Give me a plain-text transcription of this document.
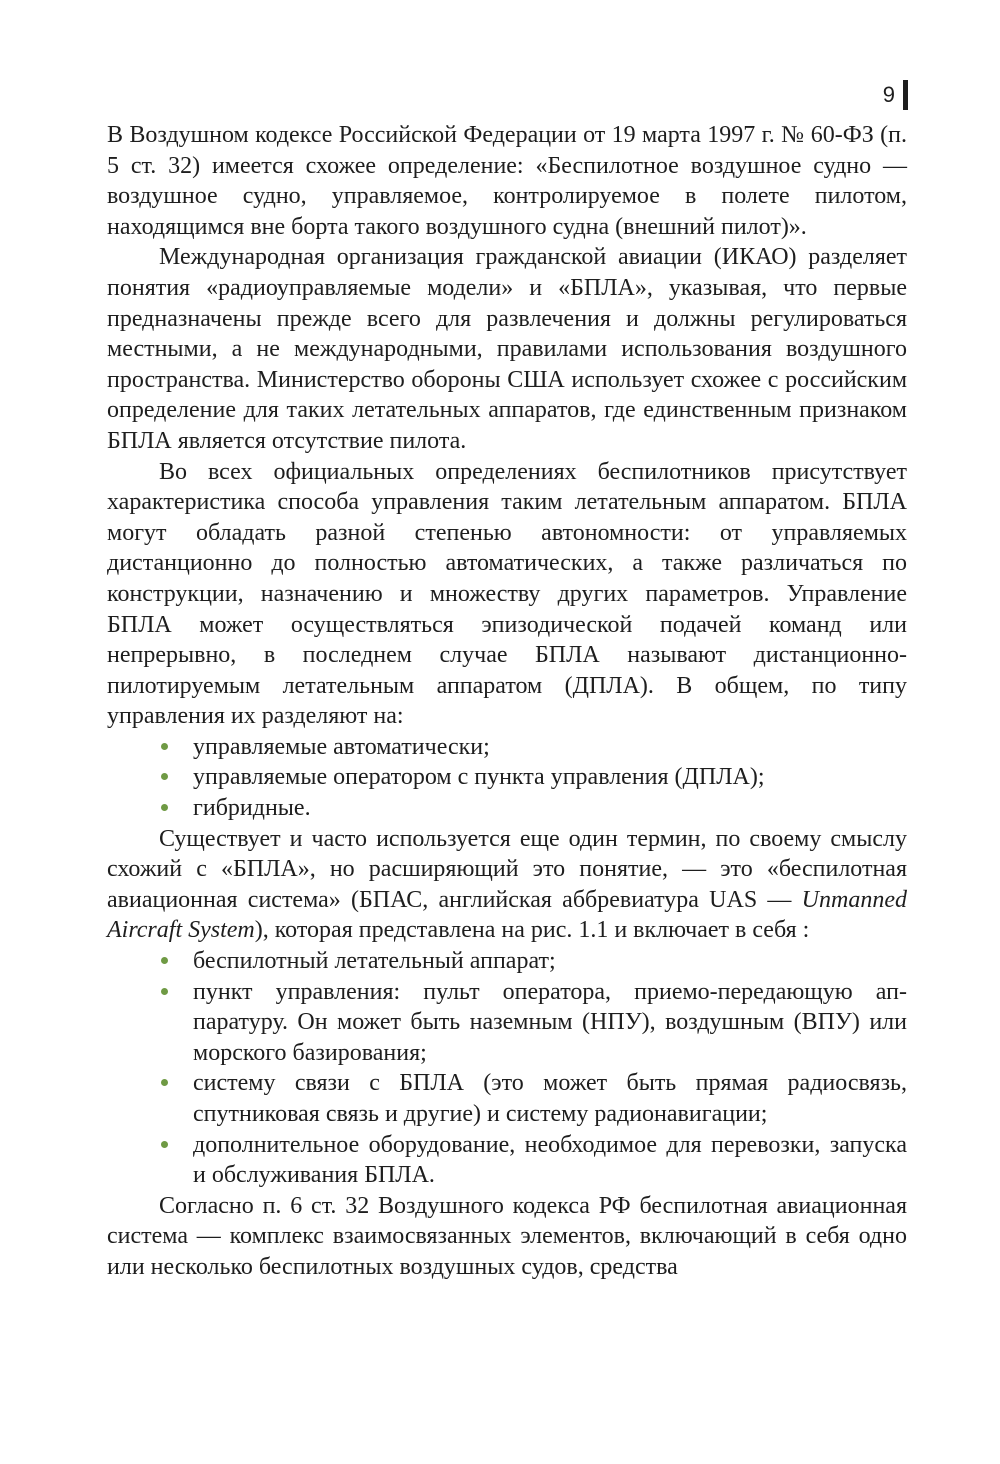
9

В Воздушном кодексе Российской Федерации от 19 марта 1997 г. № 60-ФЗ (п. 5 ст. 32) имеется схожее определение: «Беспилотное воздушное судно — воздушное судно, управляемое, контролируемое в полете пилотом, находящимся вне борта такого воздушного судна (внешний пилот)».

Международная организация гражданской авиации (ИКАО) разделяет понятия «радиоуправляемые модели» и «БПЛА», указывая, что первые предназначены прежде всего для развлечения и должны регулироваться местными, а не международными, правилами использования воздушного пространства. Министерство обороны США использует схожее с российским определение для таких летательных аппаратов, где единственным признаком БПЛА является отсутствие пилота.

Во всех официальных определениях беспилотников присутствует характеристика способа управления таким летательным аппаратом. БПЛА могут обладать разной степенью автономности: от управляемых дистанционно до полностью автоматических, а также различаться по конструкции, назначению и множеству других параметров. Управление БПЛА может осуществляться эпизодической подачей команд или непрерывно, в последнем случае БПЛА называют дистанционно-пилотируемым летательным аппаратом (ДПЛА). В общем, по типу управления их разделяют на:

управляемые автоматически;
управляемые оператором с пункта управления (ДПЛА);
гибридные.

Существует и часто используется еще один термин, по своему смыслу схожий с «БПЛА», но расширяющий это понятие, — это «беспилотная авиационная система» (БПАС, английская аббревиатура UAS — Unmanned Aircraft System), которая представлена на рис. 1.1 и включает в себя :

беспилотный летательный аппарат;
пункт управления: пульт оператора, приемо-передающую аппаратуру. Он может быть наземным (НПУ), воздушным (ВПУ) или морского базирования;
систему связи с БПЛА (это может быть прямая радиосвязь, спутниковая связь и другие) и систему радионавигации;
дополнительное оборудование, необходимое для перевозки, запуска и обслуживания БПЛА.

Согласно п. 6 ст. 32 Воздушного кодекса РФ беспилотная авиационная система — комплекс взаимосвязанных элементов, включающий в себя одно или несколько беспилотных воздушных судов, средства
